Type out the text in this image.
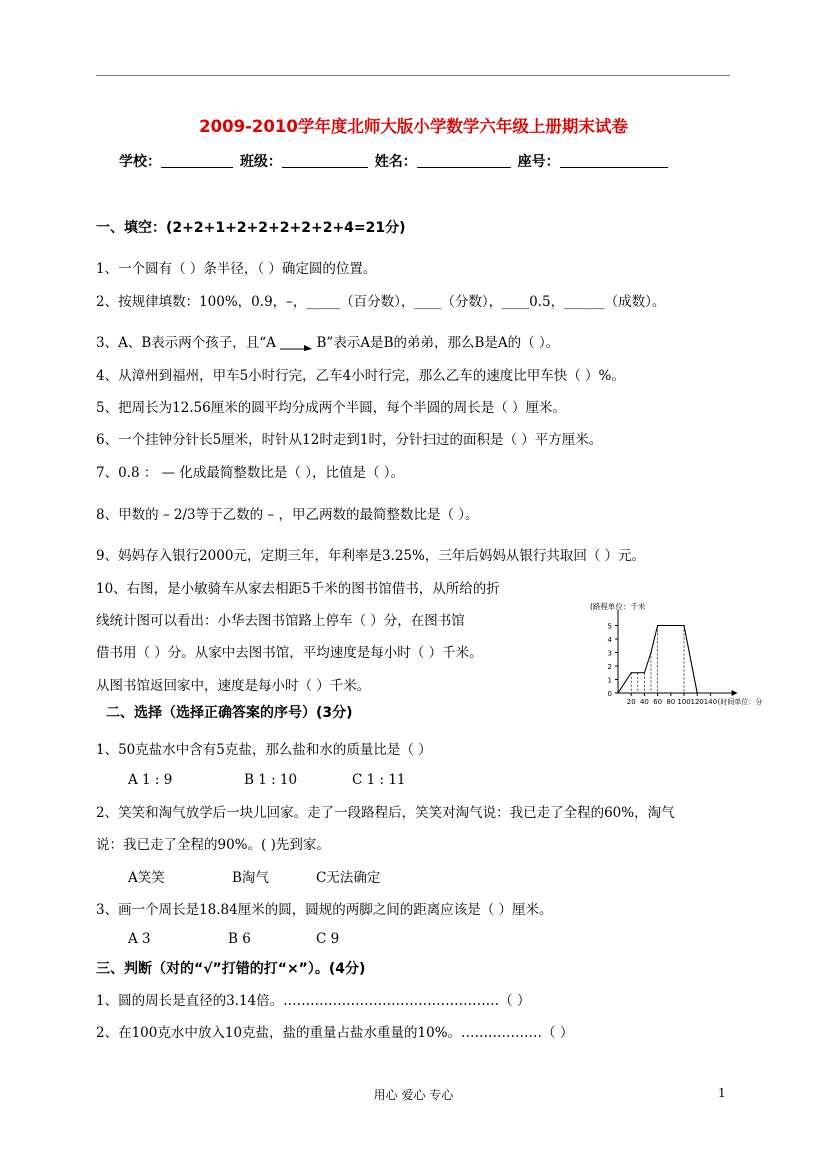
2009-2010学年度北师大版小学数学六年级上册期末试卷
学校：	班级：	姓名：	座号：
一、填空：(2+2+1+2+2+2+2+2+4=21分)
1、一个圆有（ ）条半径，（ ）确定圆的位置。
2、按规律填数：100%，0.9，–，_____（百分数），____（分数），____0.5，______（成数）。
3、A、B表示两个孩子，且“A	B”表示A是B的弟弟，那么B是A的（ ）。
4、从漳州到福州，甲车5小时行完，乙车4小时行完，那么乙车的速度比甲车快（ ）%。
5、把周长为12.56厘米的圆平均分成两个半圆，每个半圆的周长是（ ）厘米。
6、一个挂钟分针长5厘米，时针从12时走到1时，分针扫过的面积是（ ）平方厘米。
7、0.8 ： — 化成最简整数比是（ ），比值是（ ）。
8、甲数的 – 2/3等于乙数的 – ，甲乙两数的最简整数比是（ ）。
9、妈妈存入银行2000元，定期三年，年利率是3.25%，三年后妈妈从银行共取回（ ）元。
10、右图，是小敏骑车从家去相距5千米的图书馆借书，从所给的折
线统计图可以看出：小华去图书馆路上停车（ ）分，在图书馆
借书用（ ）分。从家中去图书馆，平均速度是每小时（ ）千米。
从图书馆返回家中，速度是每小时（ ）千米。	0
1
2
3
4
5
20 40 60 80 100 120 140
(路程单位：千米
(时间单位：分
二、选择（选择正确答案的序号）(3分)
1、50克盐水中含有5克盐，那么盐和水的质量比是（ ）
A 1 : 9	B 1 : 10	C 1 : 11
2、笑笑和淘气放学后一块儿回家。走了一段路程后，笑笑对淘气说：我已走了全程的60%，淘气
说：我已走了全程的90%。( )先到家。
A笑笑	B淘气	C无法确定
3、画一个周长是18.84厘米的圆，圆规的两脚之间的距离应该是（ ）厘米。
A 3	B 6	C 9
三、判断（对的“√”打错的打“×”）。(4分)
1、圆的周长是直径的3.14倍。…………………………………………（ ）
2、在100克水中放入10克盐，盐的重量占盐水重量的10%。………………（ ）
用心 爱心 专心	1
